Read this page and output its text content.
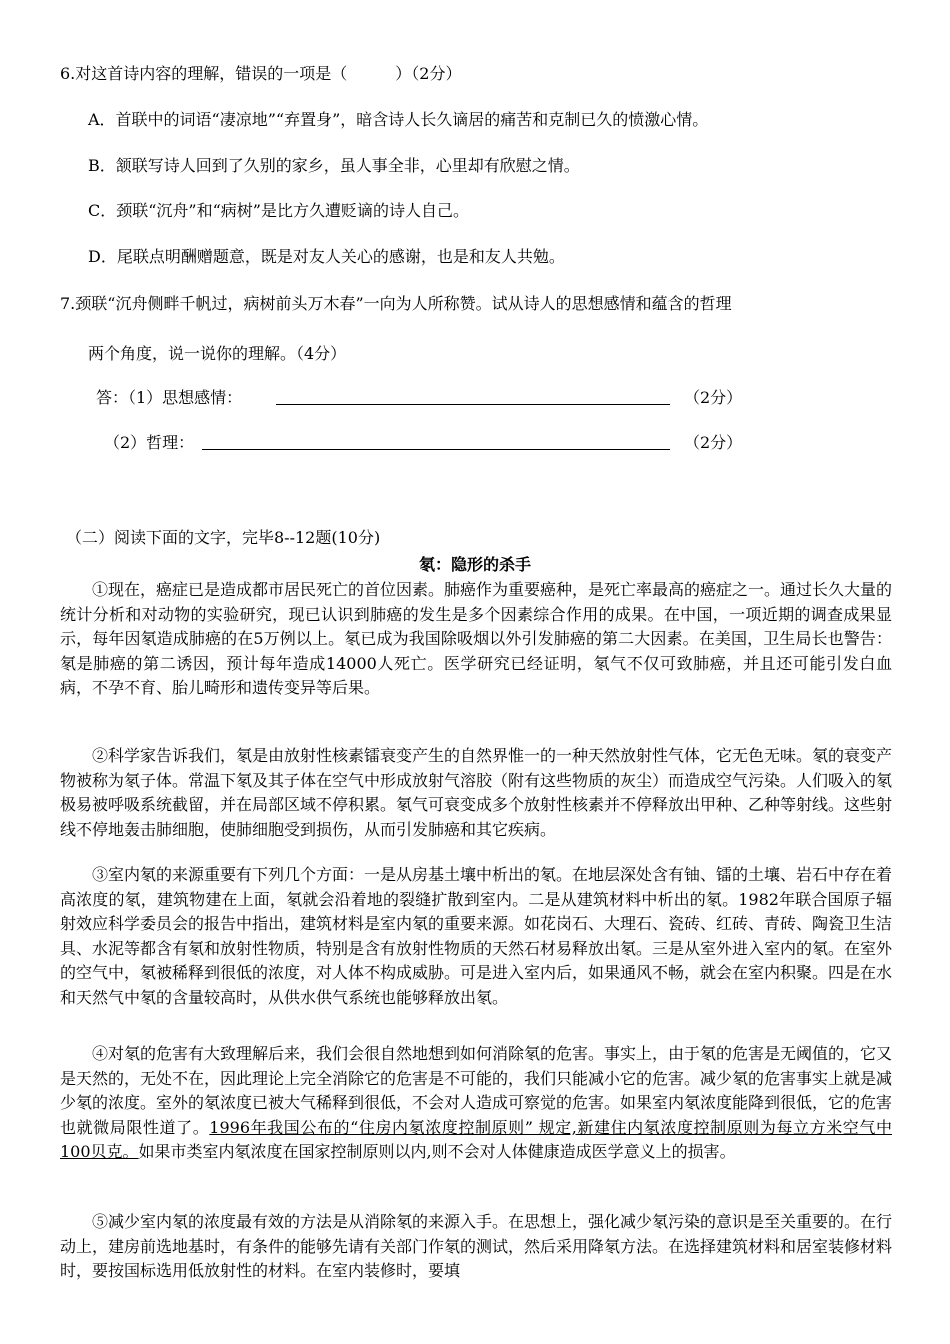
6.对这首诗内容的理解，错误的一项是（　　　）（2分）
A．首联中的词语“凄凉地”“弃置身”，暗含诗人长久谪居的痛苦和克制已久的愤激心情。
B．颔联写诗人回到了久别的家乡，虽人事全非，心里却有欣慰之情。
C．颈联“沉舟”和“病树”是比方久遭贬谪的诗人自己。
D．尾联点明酬赠题意，既是对友人关心的感谢，也是和友人共勉。
7.颈联“沉舟侧畔千帆过，病树前头万木春”一向为人所称赞。试从诗人的思想感情和蕴含的哲理
两个角度，说一说你的理解。（4分）
答：（1）思想感情：	（2分）
（2）哲理：	（2分）
（二）阅读下面的文字，完毕8--12题(10分)
氡：隐形的杀手
①现在，癌症已是造成都市居民死亡的首位因素。肺癌作为重要癌种，是死亡率最高的癌症之一。通过长久大量的统计分析和对动物的实验研究，现已认识到肺癌的发生是多个因素综合作用的成果。在中国，一项近期的调查成果显示，每年因氡造成肺癌的在5万例以上。氡已成为我国除吸烟以外引发肺癌的第二大因素。在美国，卫生局长也警告：氡是肺癌的第二诱因，预计每年造成14000人死亡。医学研究已经证明，氡气不仅可致肺癌，并且还可能引发白血病，不孕不育、胎儿畸形和遗传变异等后果。
②科学家告诉我们，氡是由放射性核素镭衰变产生的自然界惟一的一种天然放射性气体，它无色无味。氡的衰变产物被称为氡子体。常温下氡及其子体在空气中形成放射气溶胶（附有这些物质的灰尘）而造成空气污染。人们吸入的氡极易被呼吸系统截留，并在局部区域不停积累。氡气可衰变成多个放射性核素并不停释放出甲种、乙种等射线。这些射线不停地轰击肺细胞，使肺细胞受到损伤，从而引发肺癌和其它疾病。
③室内氡的来源重要有下列几个方面：一是从房基土壤中析出的氡。在地层深处含有铀、镭的土壤、岩石中存在着高浓度的氡，建筑物建在上面，氡就会沿着地的裂缝扩散到室内。二是从建筑材料中析出的氡。1982年联合国原子辐射效应科学委员会的报告中指出，建筑材料是室内氡的重要来源。如花岗石、大理石、瓷砖、红砖、青砖、陶瓷卫生洁具、水泥等都含有氡和放射性物质，特别是含有放射性物质的天然石材易释放出氡。三是从室外进入室内的氡。在室外的空气中，氡被稀释到很低的浓度，对人体不构成威胁。可是进入室内后，如果通风不畅，就会在室内积聚。四是在水和天然气中氡的含量较高时，从供水供气系统也能够释放出氡。
④对氡的危害有大致理解后来，我们会很自然地想到如何消除氡的危害。事实上，由于氡的危害是无阈值的，它又是天然的，无处不在，因此理论上完全消除它的危害是不可能的，我们只能减小它的危害。减少氡的危害事实上就是减少氡的浓度。室外的氡浓度已被大气稀释到很低，不会对人造成可察觉的危害。如果室内氡浓度能降到很低，它的危害也就微局限性道了。1996年我国公布的“住房内氡浓度控制原则” 规定,新建住内氡浓度控制原则为每立方米空气中100贝克。如果市类室内氡浓度在国家控制原则以内,则不会对人体健康造成医学意义上的损害。
⑤减少室内氡的浓度最有效的方法是从消除氡的来源入手。在思想上，强化减少氡污染的意识是至关重要的。在行动上，建房前选地基时，有条件的能够先请有关部门作氡的测试，然后采用降氡方法。在选择建筑材料和居室装修材料时，要按国标选用低放射性的材料。在室内装修时，要填
